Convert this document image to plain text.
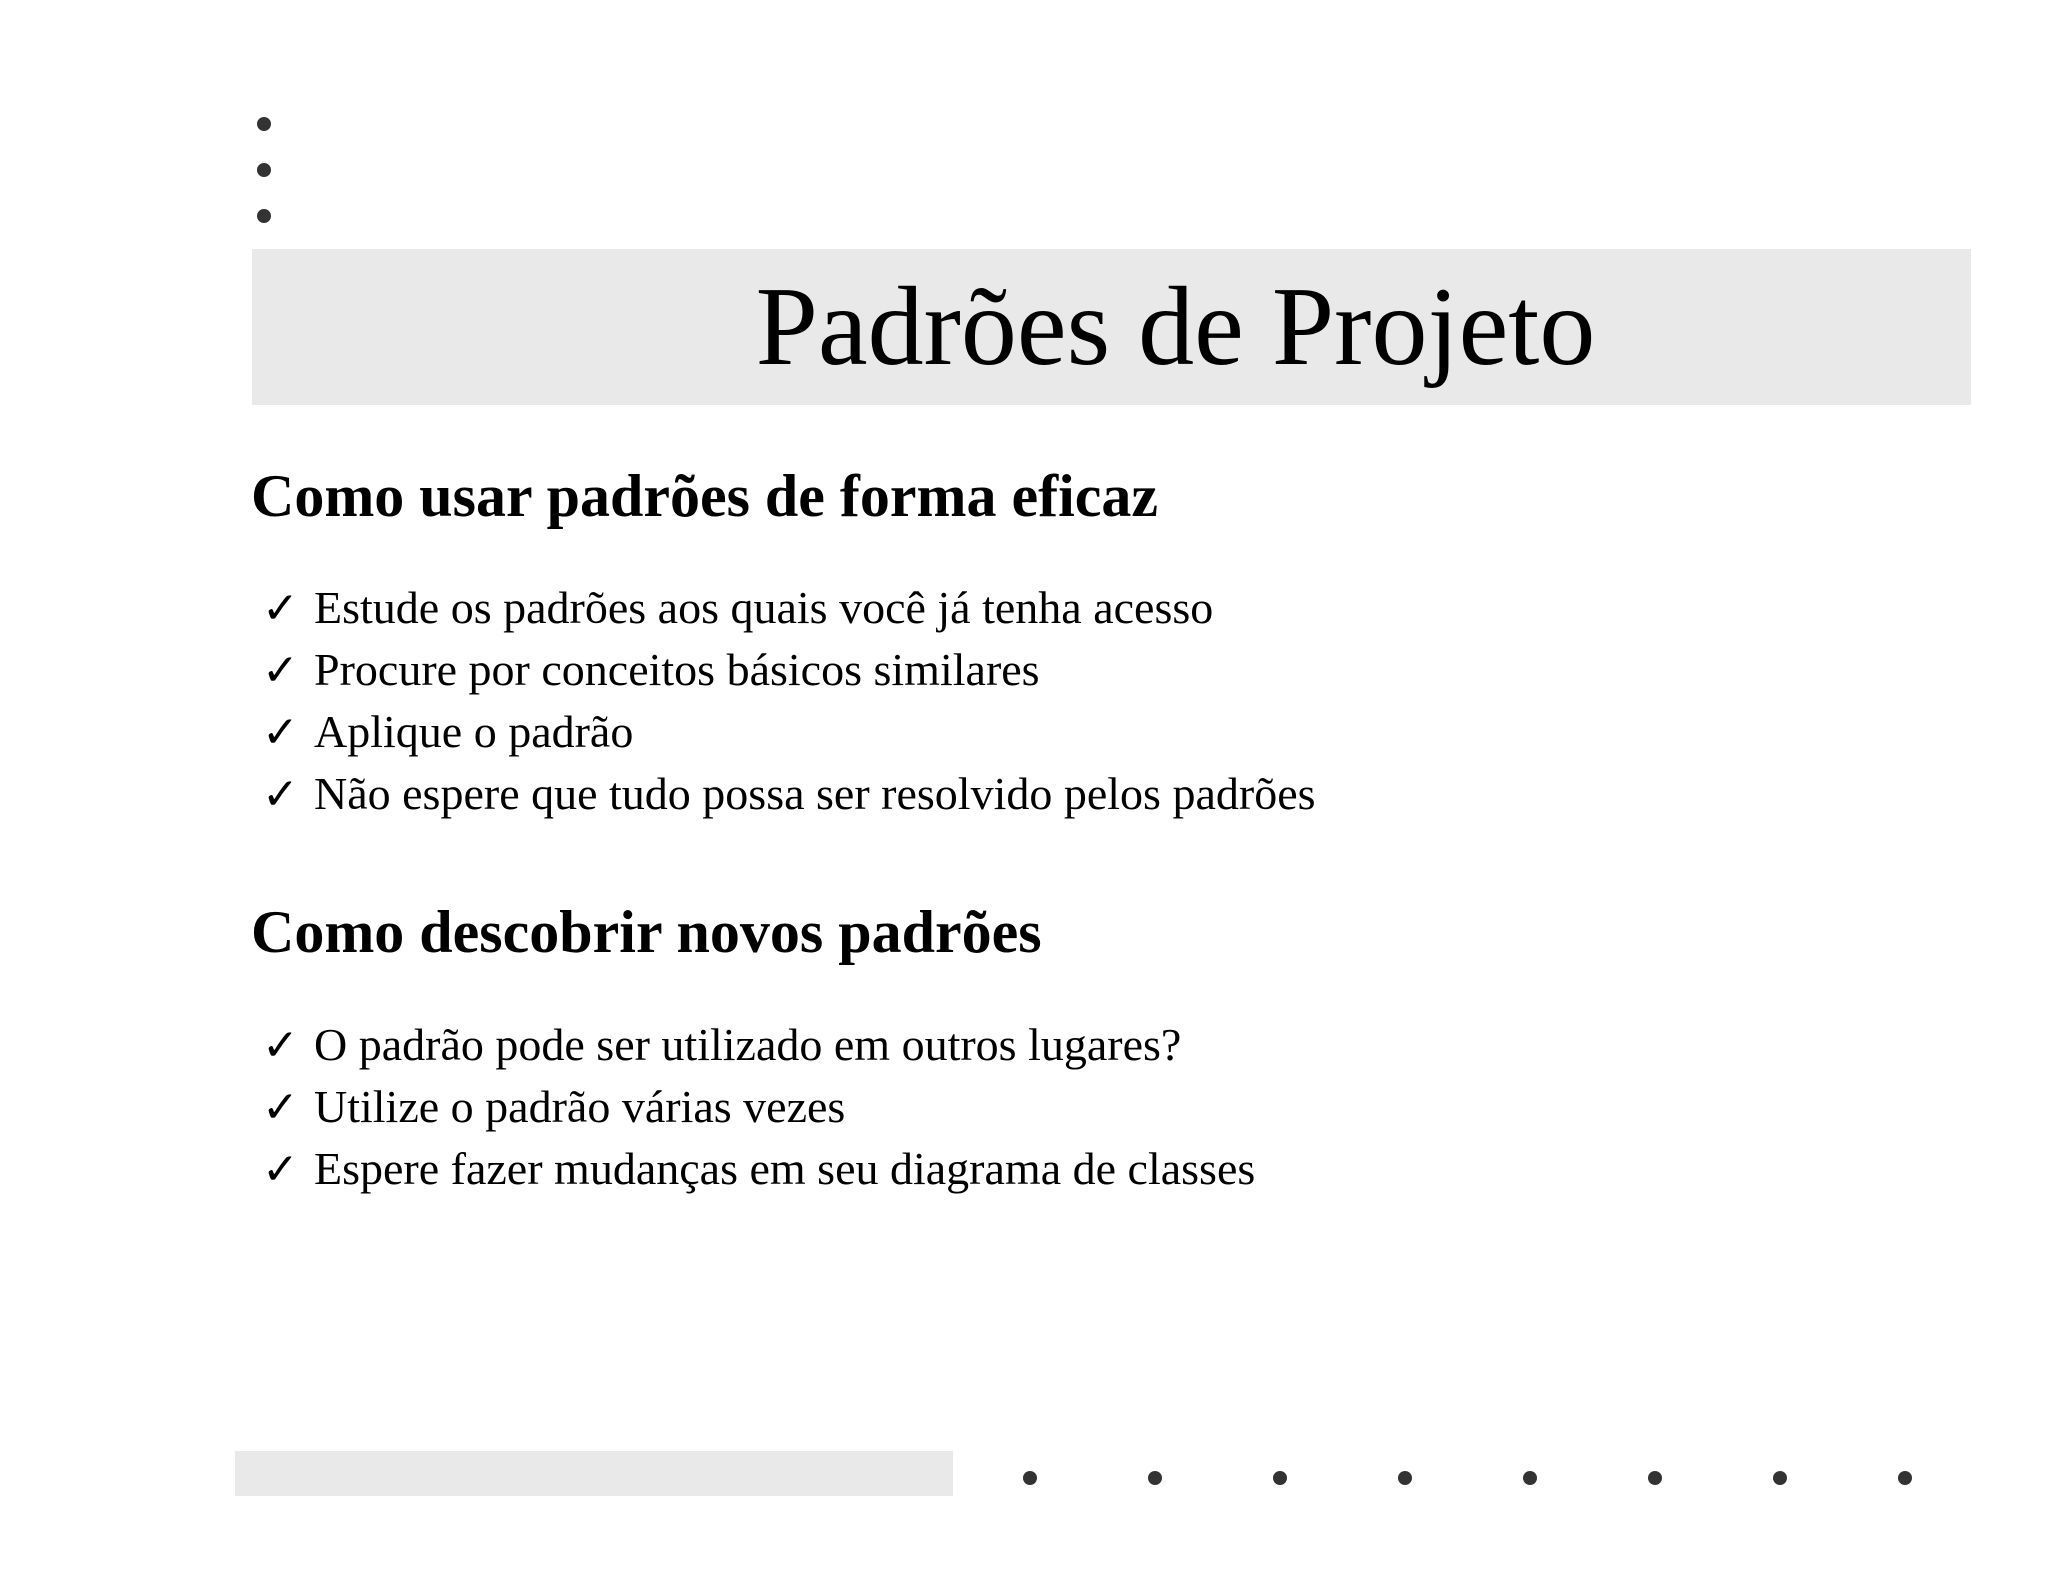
Padrões de Projeto
Como usar padrões de forma eficaz
✓ Estude os padrões aos quais você já tenha acesso
✓ Procure por conceitos básicos similares
✓ Aplique o padrão
✓ Não espere que tudo possa ser resolvido pelos padrões
Como descobrir novos padrões
✓ O padrão pode ser utilizado em outros lugares?
✓ Utilize o padrão várias vezes
✓ Espere fazer mudanças em seu diagrama de classes
